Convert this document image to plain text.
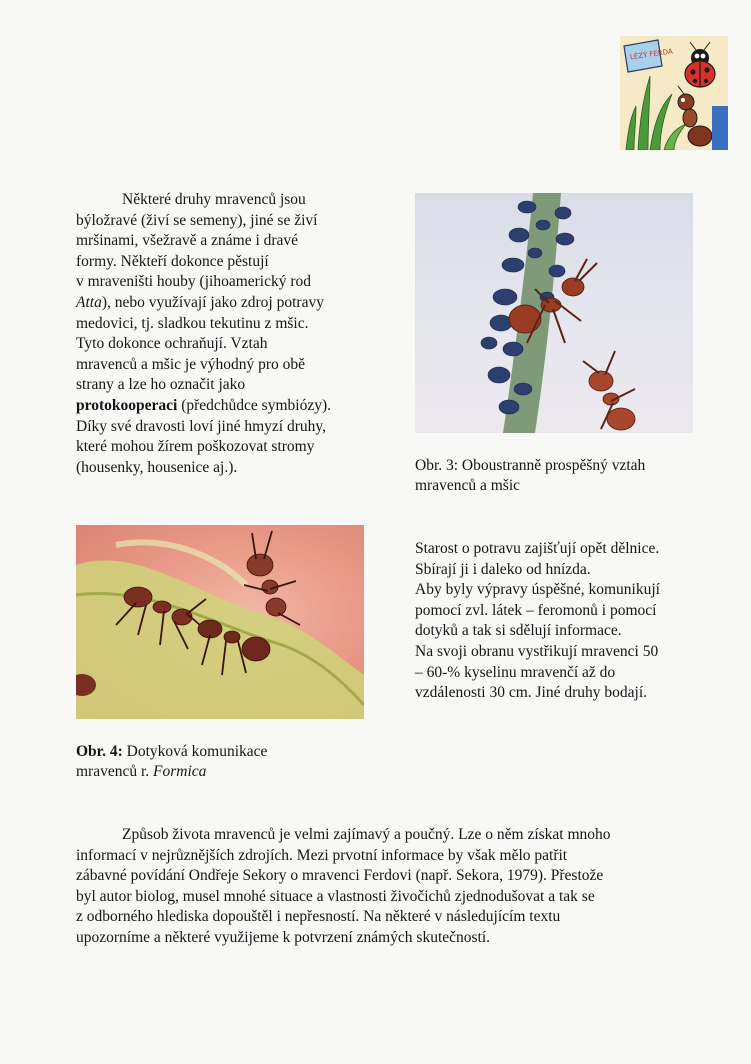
LÉZÝ FERDA
Některé druhy mravenců jsou
býložravé (živí se semeny), jiné se živí
mršinami, všežravě a známe i dravé
formy. Někteří dokonce pěstují
v mraveništi houby (jihoamerický rod
Atta), nebo využívají jako zdroj potravy
medovici, tj. sladkou tekutinu z mšic.
Tyto dokonce ochraňují. Vztah
mravenců a mšic je výhodný pro obě
strany a lze ho označit jako
protokooperaci (předchůdce symbiózy).
Díky své dravosti loví jiné hmyzí druhy,
které mohou žírem poškozovat stromy
(housenky, housenice aj.).	Obr. 3: Oboustranně prospěšný vztah
mravenců a mšic
Starost o potravu zajišťují opět dělnice.
Sbírají ji i daleko od hnízda.
Aby byly výpravy úspěšné, komunikují
pomocí zvl. látek – feromonů i pomocí
dotyků a tak si sdělují informace.
Na svoji obranu vystřikují mravenci 50
– 60-% kyselinu mravenčí až do
vzdálenosti 30 cm. Jiné druhy bodají.
Obr. 4: Dotyková komunikace
mravenců r. Formica
Způsob života mravenců je velmi zajímavý a poučný. Lze o něm získat mnoho
informací v nejrůznějších zdrojích. Mezi prvotní informace by však mělo patřit
zábavné povídání Ondřeje Sekory o mravenci Ferdovi (např. Sekora, 1979). Přestože
byl autor biolog, musel mnohé situace a vlastnosti živočichů zjednodušovat a tak se
z odborného hlediska dopouštěl i nepřesností. Na některé v následujícím textu
upozorníme a některé využijeme k potvrzení známých skutečností.
